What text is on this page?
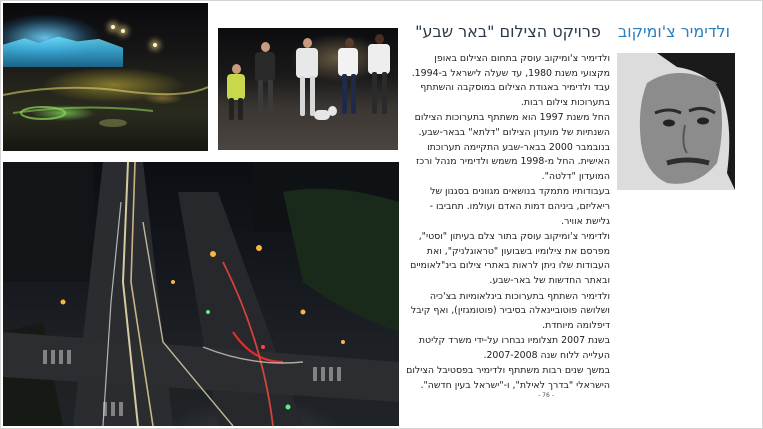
ולדימיר צ'ומיקוב פרויקט הצילום "באר שבע"

ולדימיר צ'ומיקוב עוסק בתחום הצילום באופן מקצועי משנת 1980, עד שעלה לישראל ב-1994. עבד ולדימיר באגודת הצילום במוסקבה והשתתף בתערוכות צילום רבות.

החל משנת 1997 הוא משתתף בתערוכות הצילום השנתיות של מועדון הצילום "דלתא" בבאר-שבע. בנובמבר 2000 בבאר-שבע התקיימה תערוכתו האישית. החל מ-1998 משמש ולדימיר מנהל ורכז המועדון "דלטה".

בעבודותיו מתמקד בנושאים מגוונים בסגנון של ריאליזם, ביניהם דמות האדם ועולמו. תחביבו - גלישת אוויר.

ולדימיר צ'ומיקוב עוסק בתור צלם בעיתון "וסטי", מפרסם את צילומיו בשבועון "טראוגלניק", ואת העבודות שלו ניתן לראות באתרי צילום בינ"לאומיים ובאתר החדשות של באר-שבע.

ולדימיר השתתף בתערוכות בינלאומיות בצ'כיה ושלושה פוטוביינאלה בסיביר (פוטומגזין), ואף קיבל דיפלומה מיוחדת.

בשנת 2007 תצלומיו נבחרו על-ידי משרד קליטת העלייה ללוח שנה 2007-2008.

במשך שנים רבות משתתף ולדימיר בפסטיבל הצילום הישראלי "בדרך לאילת", ו-"ישראל בעין חדשה".

- 76 -
